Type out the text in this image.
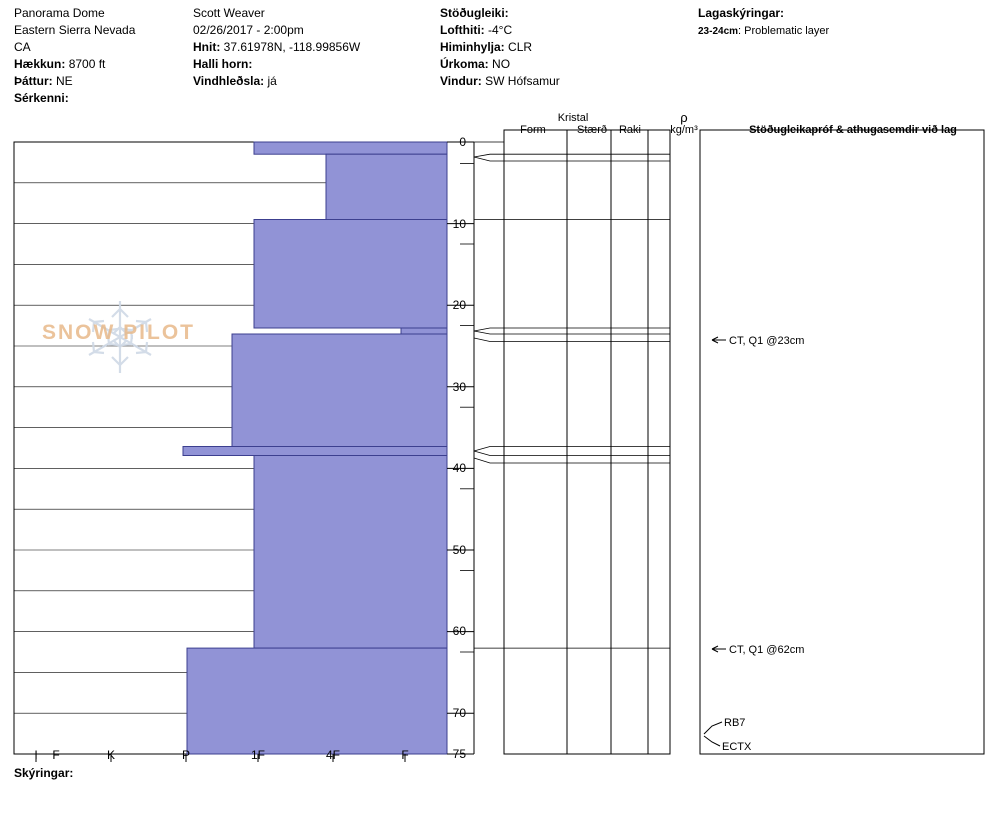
Panorama Dome
Eastern Sierra Nevada
CA
Hækkun: 8700 ft
Þáttur: NE
Sérkenni:
Scott Weaver
02/26/2017 - 2:00pm
Hnit: 37.61978N, -118.99856W
Halli horn:
Vindhleðsla: já
Stöðugleiki:
Lofthiti: -4°C
Himinhylja: CLR
Úrkoma: NO
Vindur: SW Hófsamur
Lagaskýringar:
23-24cm: Problematic layer
Kristal
Form	Stærð	Raki
ρ
kg/m³	Stöðugleikapróf & athugasemdir við lag
0
10
20
30
40
50
60
70
75
CT, Q1 @23cm
CT, Q1 @62cm
RB7
ECTX
SNOW PILOT
I	F	K	P	1F	4F	F
Skýringar:
